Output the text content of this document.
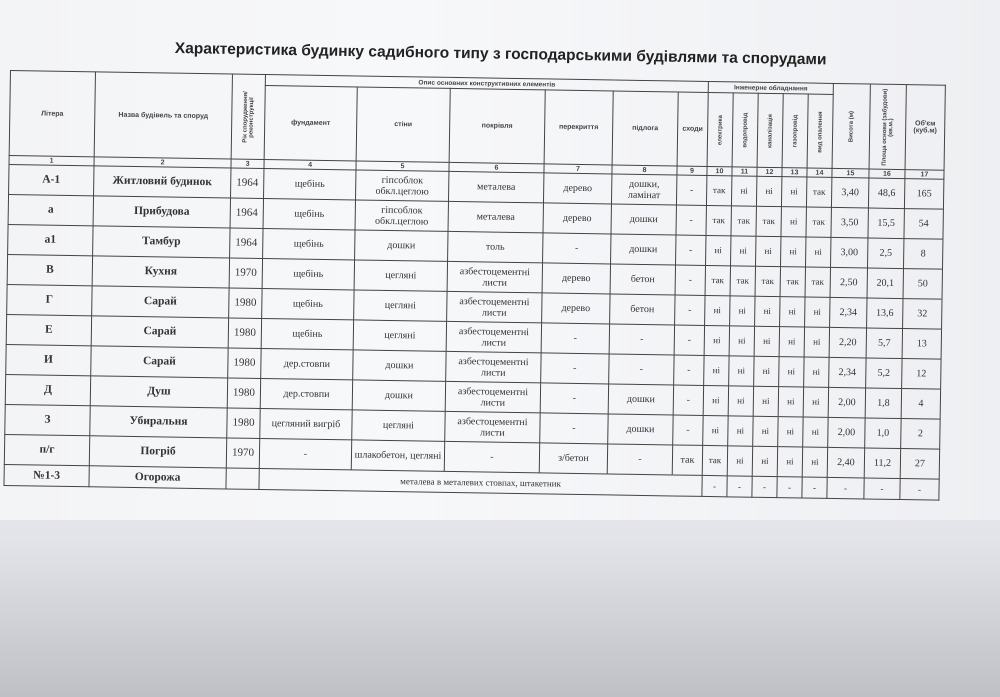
Характеристика будинку садибного типу з господарськими будівлями та спорудами
Літера	Назва будівель та споруд	Рік спорудження/ реконструкції	Опис основних конструктивних елементів						Інженерне обладнання					Висота (м)	Площа основи (забудови) (кв.м.)	Об'єм (куб.м)
			фундамент	стіни	покрівля	перекриття	підлога	сходи	електрика	водопровід	каналізація	газопровід	вид опалення			

1	2	3	4	5	6	7	8	9	10	11	12	13	14	15	16	17
А-1	Житловий будинок	1964	щебінь	гіпсоблок обкл.цеглою	металева	дерево	дошки, ламінат	-	так	ні	ні	ні	так	3,40	48,6	165
а	Прибудова	1964	щебінь	гіпсоблок обкл.цеглою	металева	дерево	дошки	-	так	так	так	ні	так	3,50	15,5	54
а1	Тамбур	1964	щебінь	дошки	толь	-	дошки	-	ні	ні	ні	ні	ні	3,00	2,5	8
В	Кухня	1970	щебінь	цегляні	азбестоцементні листи	дерево	бетон	-	так	так	так	так	так	2,50	20,1	50
Г	Сарай	1980	щебінь	цегляні	азбестоцементні листи	дерево	бетон	-	ні	ні	ні	ні	ні	2,34	13,6	32
Е	Сарай	1980	щебінь	цегляні	азбестоцементні листи	-	-	-	ні	ні	ні	ні	ні	2,20	5,7	13
И	Сарай	1980	дер.стовпи	дошки	азбестоцементні листи	-	-	-	ні	ні	ні	ні	ні	2,34	5,2	12
Д	Душ	1980	дер.стовпи	дошки	азбестоцементні листи	-	дошки	-	ні	ні	ні	ні	ні	2,00	1,8	4
З	Убиральня	1980	цегляний вигріб	цегляні	азбестоцементні листи	-	дошки	-	ні	ні	ні	ні	ні	2,00	1,0	2
п/г	Погріб	1970	-	шлакобетон, цегляні	-	з/бетон	-	так	так	ні	ні	ні	ні	2,40	11,2	27
№1-3	Огорожа		металева в металевих стовпах, штакетник						-	-	-	-	-	-	-	-
